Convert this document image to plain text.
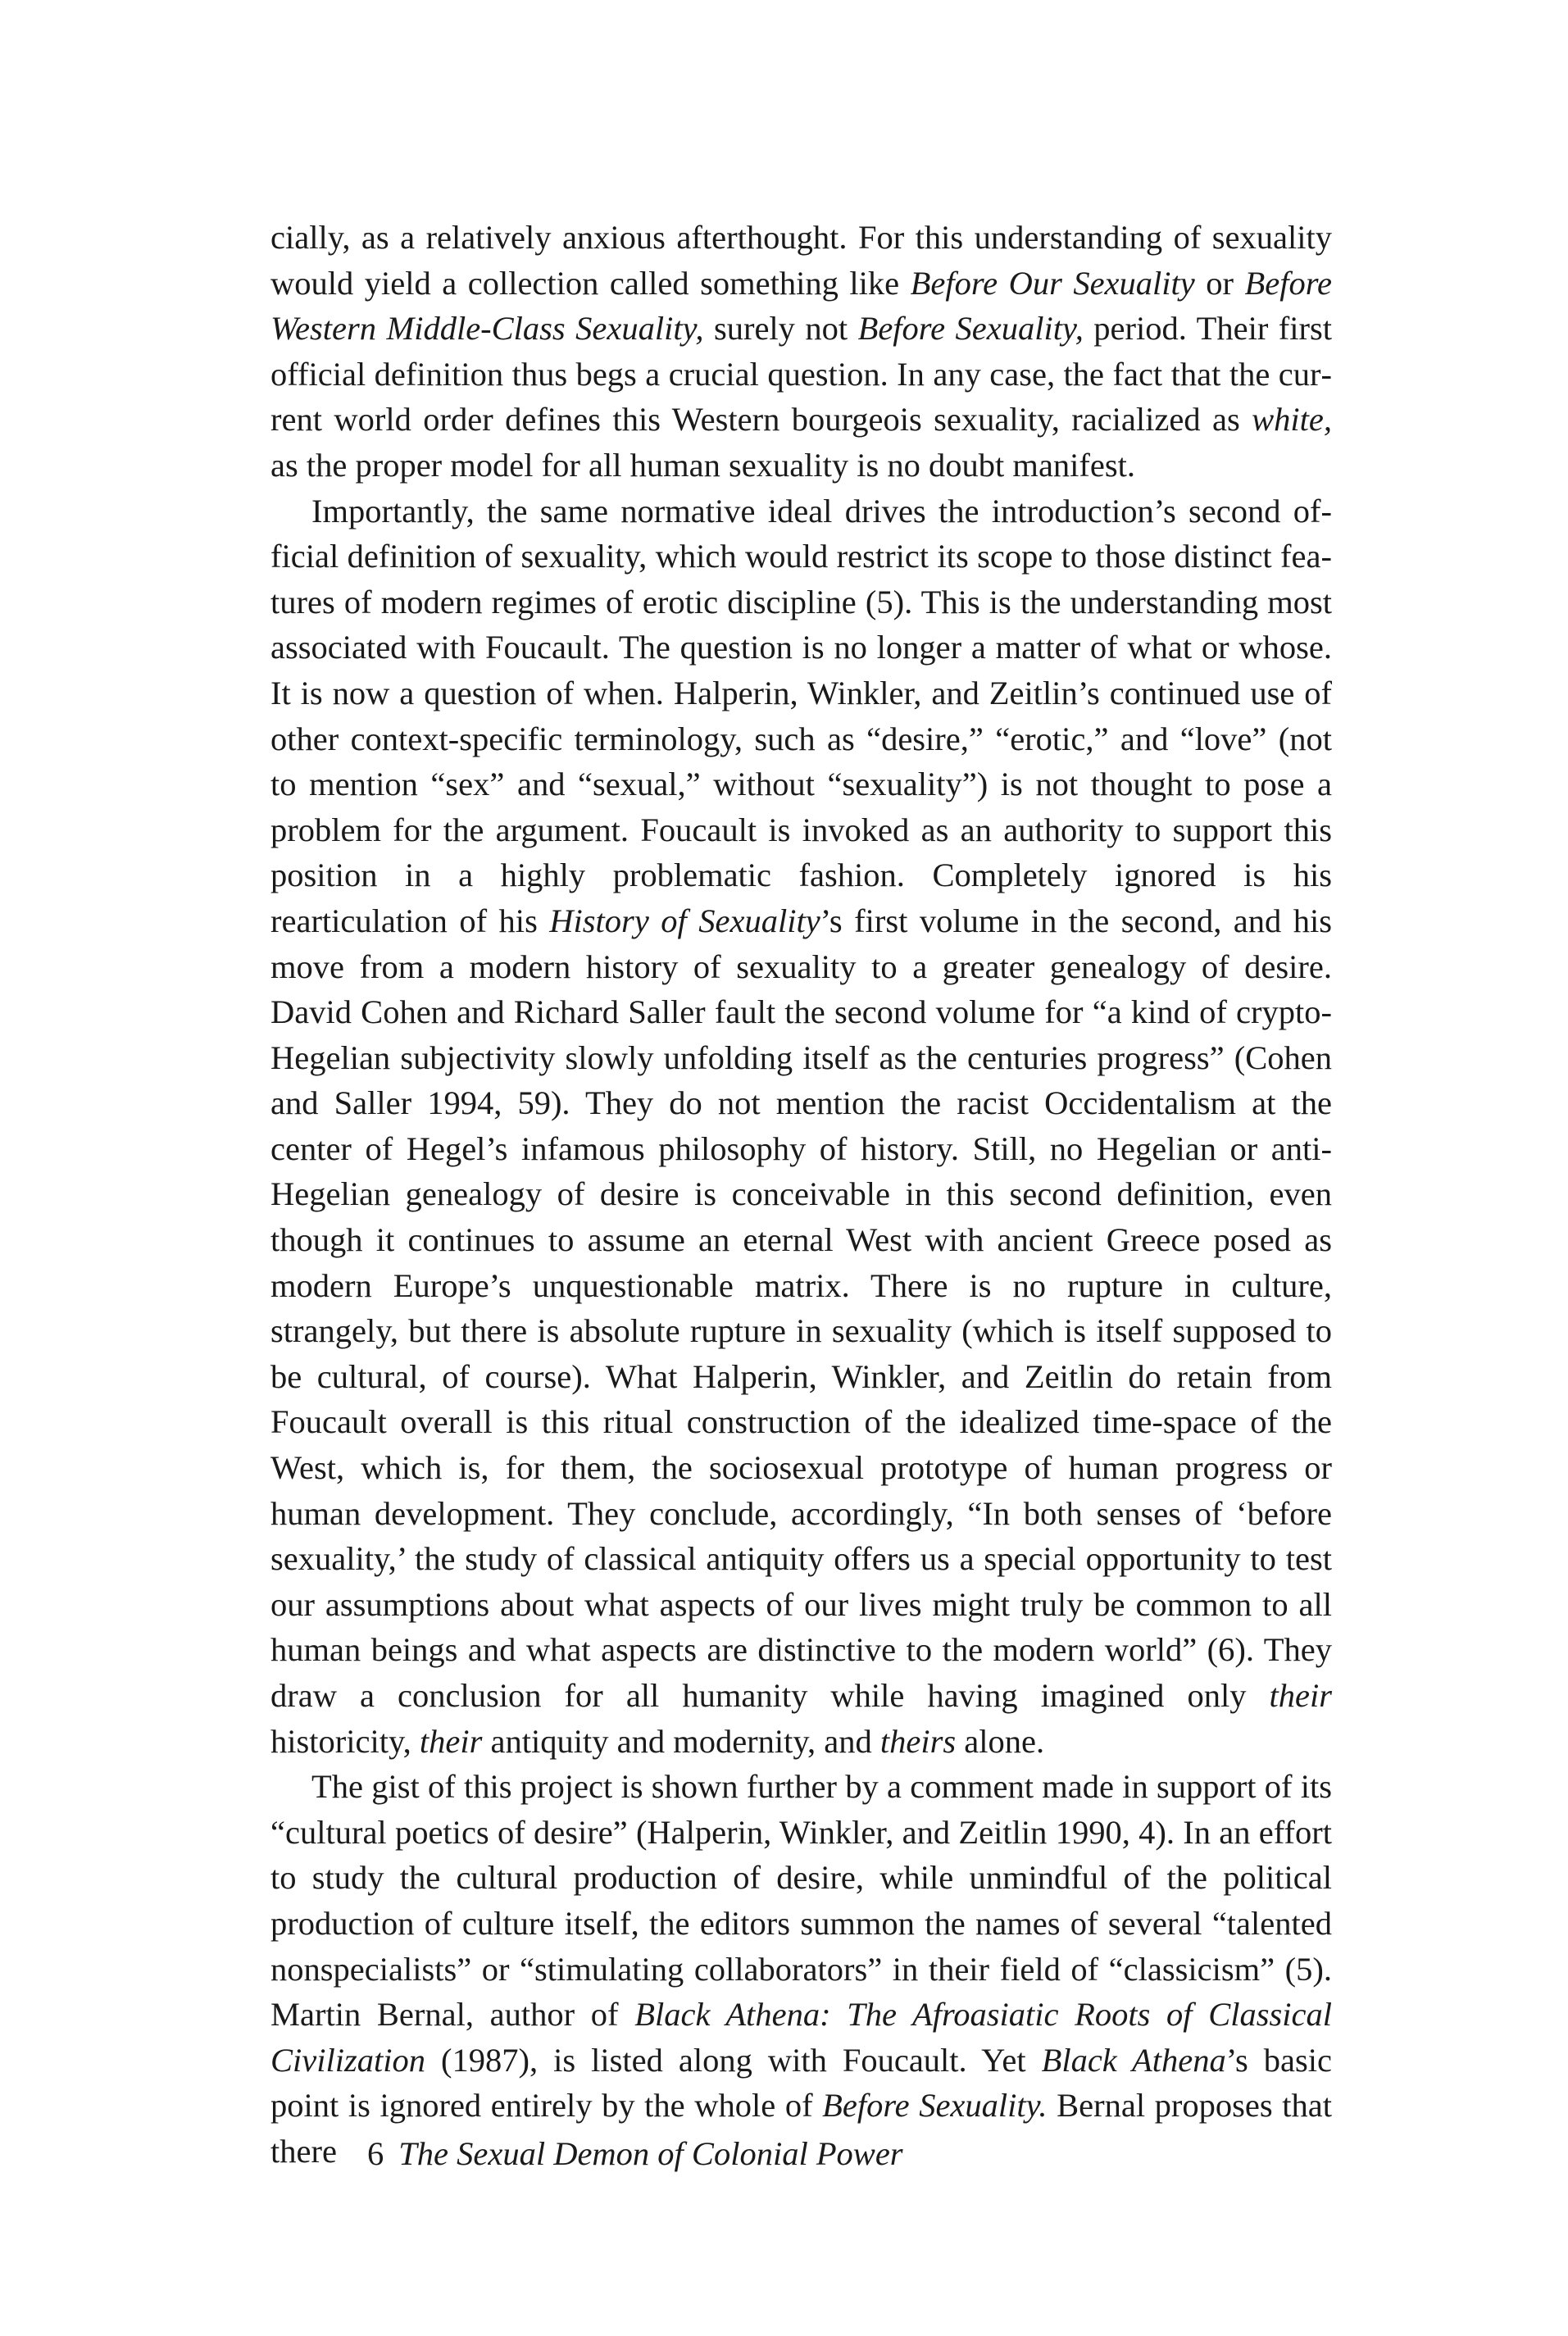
cially, as a relatively anxious afterthought. For this understanding of sexuality would yield a collection called something like Before Our Sexuality or Before Western Middle-Class Sexuality, surely not Before Sexuality, period. Their first official definition thus begs a crucial question. In any case, the fact that the current world order defines this Western bourgeois sexuality, racialized as white, as the proper model for all human sexuality is no doubt manifest.

Importantly, the same normative ideal drives the introduction’s second official definition of sexuality, which would restrict its scope to those distinct features of modern regimes of erotic discipline (5). This is the understanding most associated with Foucault. The question is no longer a matter of what or whose. It is now a question of when. Halperin, Winkler, and Zeitlin’s continued use of other context-specific terminology, such as “desire,” “erotic,” and “love” (not to mention “sex” and “sexual,” without “sexuality”) is not thought to pose a problem for the argument. Foucault is invoked as an authority to support this position in a highly problematic fashion. Completely ignored is his rearticulation of his History of Sexuality’s first volume in the second, and his move from a modern history of sexuality to a greater genealogy of desire. David Cohen and Richard Saller fault the second volume for “a kind of crypto-Hegelian subjectivity slowly unfolding itself as the centuries progress” (Cohen and Saller 1994, 59). They do not mention the racist Occidentalism at the center of Hegel’s infamous philosophy of history. Still, no Hegelian or anti-Hegelian genealogy of desire is conceivable in this second definition, even though it continues to assume an eternal West with ancient Greece posed as modern Europe’s unquestionable matrix. There is no rupture in culture, strangely, but there is absolute rupture in sexuality (which is itself supposed to be cultural, of course). What Halperin, Winkler, and Zeitlin do retain from Foucault overall is this ritual construction of the idealized time-space of the West, which is, for them, the sociosexual prototype of human progress or human development. They conclude, accordingly, “In both senses of ‘before sexuality,’ the study of classical antiquity offers us a special opportunity to test our assumptions about what aspects of our lives might truly be common to all human beings and what aspects are distinctive to the modern world” (6). They draw a conclusion for all humanity while having imagined only their historicity, their antiquity and modernity, and theirs alone.

The gist of this project is shown further by a comment made in support of its “cultural poetics of desire” (Halperin, Winkler, and Zeitlin 1990, 4). In an effort to study the cultural production of desire, while unmindful of the political production of culture itself, the editors summon the names of several “talented nonspecialists” or “stimulating collaborators” in their field of “classicism” (5). Martin Bernal, author of Black Athena: The Afroasiatic Roots of Classical Civilization (1987), is listed along with Foucault. Yet Black Athena’s basic point is ignored entirely by the whole of Before Sexuality. Bernal proposes that there 6 The Sexual Demon of Colonial Power
